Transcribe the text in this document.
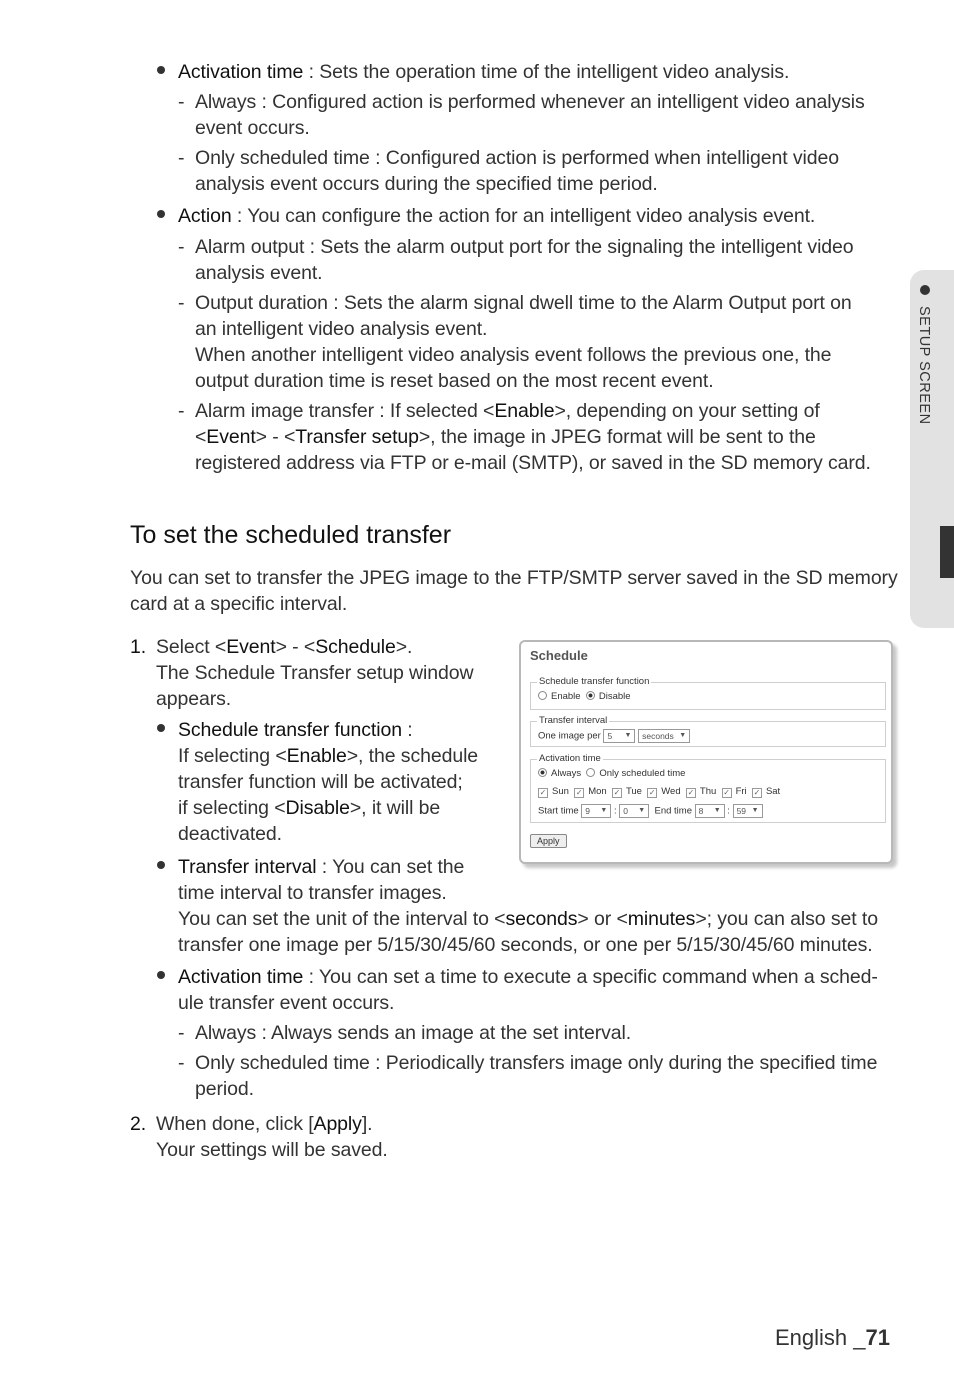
SETUP SCREEN
Activation time : Sets the operation time of the intelligent video analysis.
- Always : Configured action is performed whenever an intelligent video analysis
event occurs.
- Only scheduled time : Configured action is performed when intelligent video
analysis event occurs during the specified time period.
Action : You can configure the action for an intelligent video analysis event.
- Alarm output : Sets the alarm output port for the signaling the intelligent video
analysis event.
- Output duration : Sets the alarm signal dwell time to the Alarm Output port on
an intelligent video analysis event.
When another intelligent video analysis event follows the previous one, the
output duration time is reset based on the most recent event.
- Alarm image transfer : If selected <Enable>, depending on your setting of
<Event> - <Transfer setup>, the image in JPEG format will be sent to the
registered address via FTP or e-mail (SMTP), or saved in the SD memory card.
To set the scheduled transfer
You can set to transfer the JPEG image to the FTP/SMTP server saved in the SD memory
card at a specific interval.
1. Select <Event> - <Schedule>.
The Schedule Transfer setup window
appears.
Schedule transfer function :
If selecting <Enable>, the schedule
transfer function will be activated;
if selecting <Disable>, it will be
deactivated.
Transfer interval : You can set the
time interval to transfer images.
You can set the unit of the interval to <seconds> or <minutes>; you can also set to
transfer one image per 5/15/30/45/60 seconds, or one per 5/15/30/45/60 minutes.
Activation time : You can set a time to execute a specific command when a sched-
ule transfer event occurs.
- Always : Always sends an image at the set interval.
- Only scheduled time : Periodically transfers image only during the specified time
period.
2. When done, click [Apply].
Your settings will be saved.
Schedule
Schedule transfer function
Enable Disable
Transfer interval
One image per 5 ▼ seconds ▼
Activation time
Always Only scheduled time
✓ Sun ✓ Mon ✓ Tue ✓ Wed ✓ Thu ✓ Fri ✓ Sat
Start time 9 ▼ : 0 ▼ End time 8 ▼ : 59 ▼
Apply
English _71
